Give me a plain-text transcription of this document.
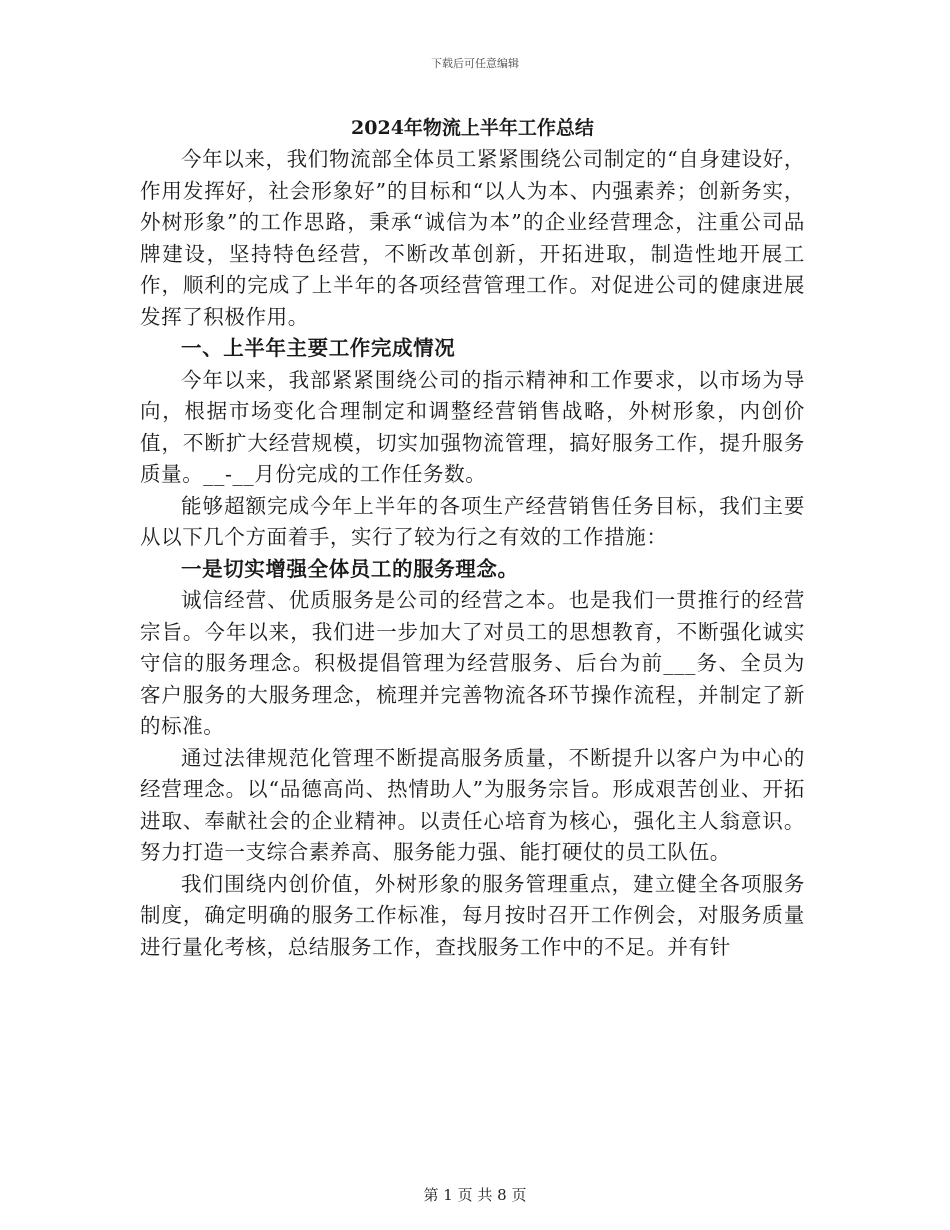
下载后可任意编辑
2024年物流上半年工作总结

今年以来，我们物流部全体员工紧紧围绕公司制定的“自身建设好，作用发挥好，社会形象好”的目标和“以人为本、内强素养；创新务实，外树形象”的工作思路，秉承“诚信为本”的企业经营理念，注重公司品牌建设，坚持特色经营，不断改革创新，开拓进取，制造性地开展工作，顺利的完成了上半年的各项经营管理工作。对促进公司的健康进展发挥了积极作用。

一、上半年主要工作完成情况

今年以来，我部紧紧围绕公司的指示精神和工作要求，以市场为导向，根据市场变化合理制定和调整经营销售战略，外树形象，内创价值，不断扩大经营规模，切实加强物流管理，搞好服务工作，提升服务质量。__-__月份完成的工作任务数。

能够超额完成今年上半年的各项生产经营销售任务目标，我们主要从以下几个方面着手，实行了较为行之有效的工作措施：

一是切实增强全体员工的服务理念。

诚信经营、优质服务是公司的经营之本。也是我们一贯推行的经营宗旨。今年以来，我们进一步加大了对员工的思想教育，不断强化诚实守信的服务理念。积极提倡管理为经营服务、后台为前___务、全员为客户服务的大服务理念，梳理并完善物流各环节操作流程，并制定了新的标准。

通过法律规范化管理不断提高服务质量，不断提升以客户为中心的经营理念。以“品德高尚、热情助人”为服务宗旨。形成艰苦创业、开拓进取、奉献社会的企业精神。以责任心培育为核心，强化主人翁意识。努力打造一支综合素养高、服务能力强、能打硬仗的员工队伍。

我们围绕内创价值，外树形象的服务管理重点，建立健全各项服务制度，确定明确的服务工作标准，每月按时召开工作例会，对服务质量进行量化考核，总结服务工作，查找服务工作中的不足。并有针

第 1 页 共 8 页
